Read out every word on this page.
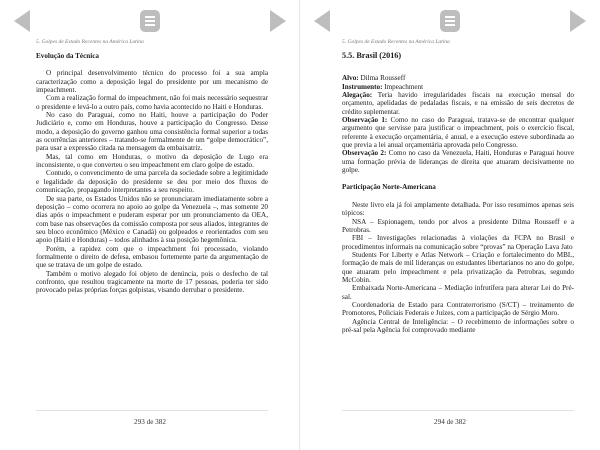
5. Golpes de Estado Recentes na América Latina

Evolução da Técnica

O principal desenvolvimento técnico do processo foi a sua ampla caracterização como a deposição legal do presidente por um mecanismo de impeachment.

Com a realização formal do impeachment, não foi mais necessário sequestrar o presidente e levá-lo a outro país, como havia acontecido no Haiti e Honduras.

No caso do Paraguai, como no Haiti, houve a participação do Poder Judiciário e, como em Honduras, houve a participação do Congresso. Desse modo, a deposição do governo ganhou uma consistência formal superior a todas as ocorrências anteriores – tratando-se formalmente de um “golpe democrático”, para usar a expressão citada na mensagem da embaixatriz.

Mas, tal como em Honduras, o motivo da deposição de Lugo era inconsistente, o que converteu o seu impeachment em claro golpe de estado.

Contudo, o convencimento de uma parcela da sociedade sobre a legitimidade e legalidade da deposição do presidente se deu por meio dos fluxos de comunicação, propagando interpretantes a seu respeito.

De sua parte, os Estados Unidos não se pronunciaram imediatamente sobre a deposição – como ocorrera no apoio ao golpe da Venezuela –, mas somente 20 dias após o impeachment e puderam esperar por um pronunciamento da OEA, com base nas observações da comissão composta por seus aliados, integrantes de seu bloco econômico (México e Canadá) ou golpeados e reorientados com seu apoio (Haiti e Honduras) – todos alinhados à sua posição hegemônica.

Porém, a rapidez com que o impeachment foi processado, violando formalmente o direito de defesa, embasou fortemente parte da argumentação de que se tratava de um golpe de estado.

Também o motivo alegado foi objeto de denúncia, pois o desfecho de tal confronto, que resultou tragicamente na morte de 17 pessoas, poderia ter sido provocado pelas próprias forças golpistas, visando derrubar o presidente.

293 de 382
5. Golpes de Estado Recentes na América Latina

5.5. Brasil (2016)

Alvo: Dilma Rousseff

Instrumento: Impeachment

Alegação: Teria havido irregularidades fiscais na execução mensal do orçamento, apelidadas de pedaladas fiscais, e na emissão de seis decretos de crédito suplementar.

Observação 1: Como no caso do Paraguai, tratava-se de encontrar qualquer argumento que servisse para justificar o impeachment, pois o exercício fiscal, referente à execução orçamentária, é anual, e a execução esteve subordinada ao que previa a lei anual orçamentária aprovada pelo Congresso.

Observação 2: Como no caso da Venezuela, Haiti, Honduras e Paraguai houve uma formação prévia de lideranças de direita que atuaram decisivamente no golpe.

Participação Norte-Americana

Neste livro ela já foi amplamente detalhada. Por isso resumimos apenas seis tópicos:

NSA – Espionagem, tendo por alvos a presidente Dilma Rousseff e a Petrobras.

FBI – Investigações relacionadas à violações da FCPA no Brasil e procedimentos informais na comunicação sobre “provas” na Operação Lava Jato

Students For Liberty e Atlas Network – Criação e fortalecimento do MBL, formação de mais de mil lideranças ou estudantes libertarianos no ano do golpe, que atuaram pelo impeachment e pela privatização da Petrobras, segundo McCobin.

Embaixada Norte-Americana – Mediação infrutífera para alterar Lei do Pré-sal.

Coordenadoria de Estado para Contraterrorismo (S/CT) – treinamento de Promotores, Policiais Federais e Juízes, com a participação de Sérgio Moro.

Agência Central de Inteligência: – O recebimento de informações sobre o pré-sal pela Agência foi comprovado mediante

294 de 382
